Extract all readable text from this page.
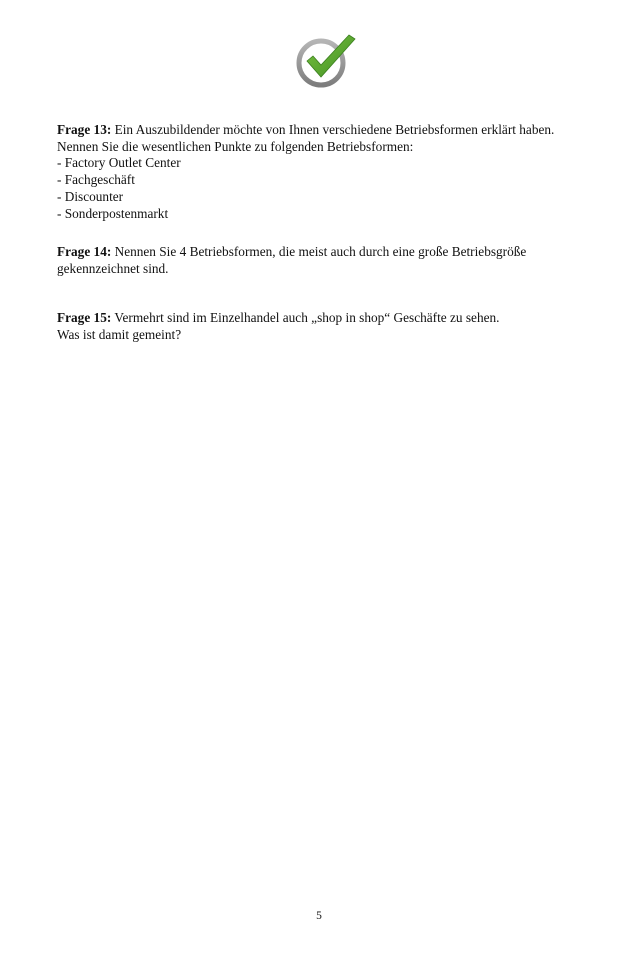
Frage 13: Ein Auszubildender möchte von Ihnen verschiedene Betriebsformen erklärt haben.
Nennen Sie die wesentlichen Punkte zu folgenden Betriebsformen:
- Factory Outlet Center
- Fachgeschäft
- Discounter
- Sonderpostenmarkt

Frage 14: Nennen Sie 4 Betriebsformen, die meist auch durch eine große Betriebsgröße
gekennzeichnet sind.

Frage 15: Vermehrt sind im Einzelhandel auch „shop in shop“ Geschäfte zu sehen.
Was ist damit gemeint?

5
